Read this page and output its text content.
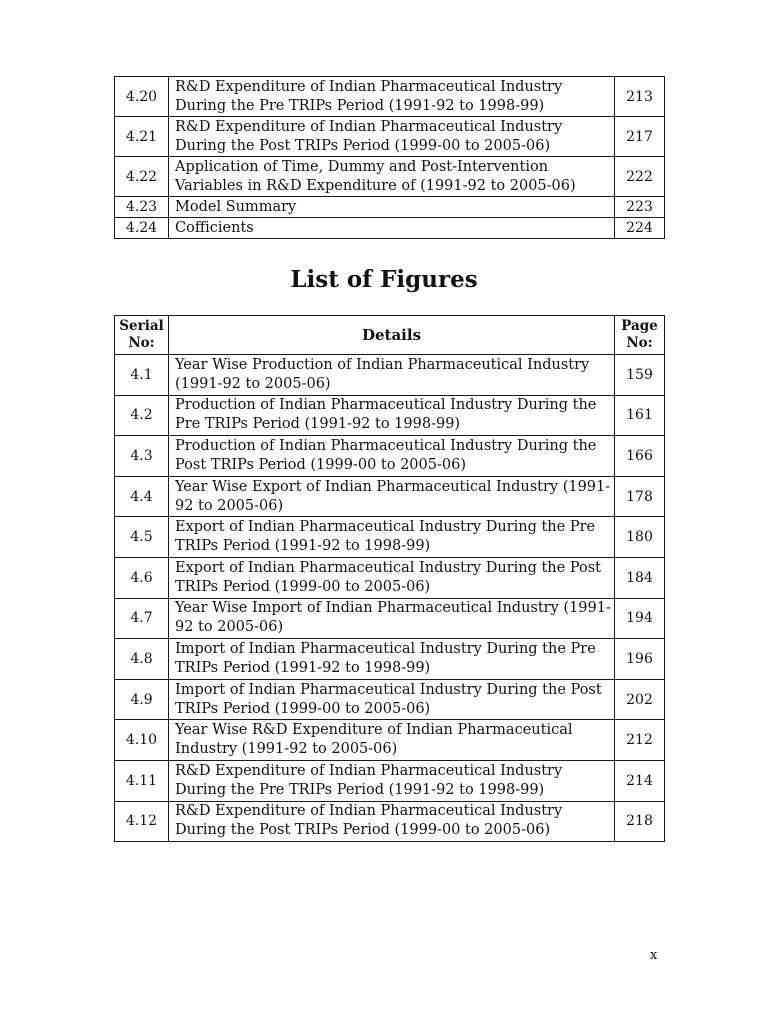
4.20	R&D Expenditure of Indian Pharmaceutical Industry During the Pre TRIPs Period (1991-92 to 1998-99)	213
4.21	R&D Expenditure of Indian Pharmaceutical Industry During the Post TRIPs Period (1999-00 to 2005-06)	217
4.22	Application of Time, Dummy and Post-Intervention Variables in R&D Expenditure of (1991-92 to 2005-06)	222
4.23	Model Summary	223
4.24	Cofficients	224
List of Figures
Serial No:	Details	Page No:
4.1	Year Wise Production of Indian Pharmaceutical Industry (1991-92 to 2005-06)	159
4.2	Production of Indian Pharmaceutical Industry During the Pre TRIPs Period (1991-92 to 1998-99)	161
4.3	Production of Indian Pharmaceutical Industry During the Post TRIPs Period (1999-00 to 2005-06)	166
4.4	Year Wise Export of Indian Pharmaceutical Industry (1991-92 to 2005-06)	178
4.5	Export of Indian Pharmaceutical Industry During the Pre TRIPs Period (1991-92 to 1998-99)	180
4.6	Export of Indian Pharmaceutical Industry During the Post TRIPs Period (1999-00 to 2005-06)	184
4.7	Year Wise Import of Indian Pharmaceutical Industry (1991-92 to 2005-06)	194
4.8	Import of Indian Pharmaceutical Industry During the Pre TRIPs Period (1991-92 to 1998-99)	196
4.9	Import of Indian Pharmaceutical Industry During the Post TRIPs Period (1999-00 to 2005-06)	202
4.10	Year Wise R&D Expenditure of Indian Pharmaceutical Industry (1991-92 to 2005-06)	212
4.11	R&D Expenditure of Indian Pharmaceutical Industry During the Pre TRIPs Period (1991-92 to 1998-99)	214
4.12	R&D Expenditure of Indian Pharmaceutical Industry During the Post TRIPs Period (1999-00 to 2005-06)	218
x
